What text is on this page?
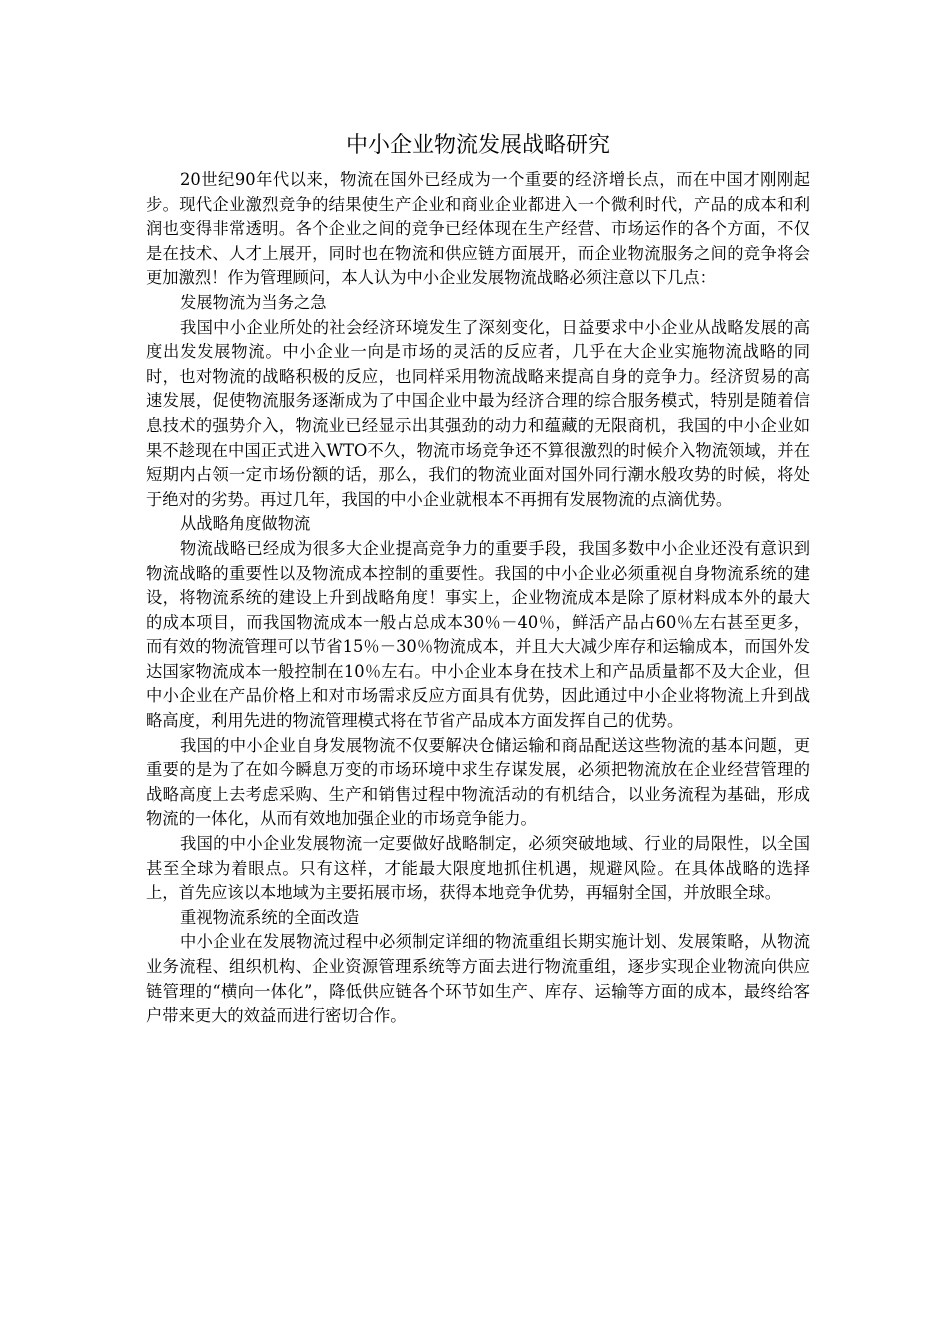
中小企业物流发展战略研究

20世纪90年代以来，物流在国外已经成为一个重要的经济增长点，而在中国才刚刚起步。现代企业激烈竞争的结果使生产企业和商业企业都进入一个微利时代，产品的成本和利润也变得非常透明。各个企业之间的竞争已经体现在生产经营、市场运作的各个方面，不仅是在技术、人才上展开，同时也在物流和供应链方面展开，而企业物流服务之间的竞争将会更加激烈！作为管理顾问，本人认为中小企业发展物流战略必须注意以下几点：

发展物流为当务之急

我国中小企业所处的社会经济环境发生了深刻变化，日益要求中小企业从战略发展的高度出发发展物流。中小企业一向是市场的灵活的反应者，几乎在大企业实施物流战略的同时，也对物流的战略积极的反应，也同样采用物流战略来提高自身的竞争力。经济贸易的高速发展，促使物流服务逐渐成为了中国企业中最为经济合理的综合服务模式，特别是随着信息技术的强势介入，物流业已经显示出其强劲的动力和蕴藏的无限商机，我国的中小企业如果不趁现在中国正式进入WTO不久，物流市场竞争还不算很激烈的时候介入物流领域，并在短期内占领一定市场份额的话，那么，我们的物流业面对国外同行潮水般攻势的时候，将处于绝对的劣势。再过几年，我国的中小企业就根本不再拥有发展物流的点滴优势。

从战略角度做物流

物流战略已经成为很多大企业提高竞争力的重要手段，我国多数中小企业还没有意识到物流战略的重要性以及物流成本控制的重要性。我国的中小企业必须重视自身物流系统的建设，将物流系统的建设上升到战略角度！事实上，企业物流成本是除了原材料成本外的最大的成本项目，而我国物流成本一般占总成本30％－40％，鲜活产品占60％左右甚至更多，而有效的物流管理可以节省15％－30％物流成本，并且大大减少库存和运输成本，而国外发达国家物流成本一般控制在10％左右。中小企业本身在技术上和产品质量都不及大企业，但中小企业在产品价格上和对市场需求反应方面具有优势，因此通过中小企业将物流上升到战略高度，利用先进的物流管理模式将在节省产品成本方面发挥自己的优势。

我国的中小企业自身发展物流不仅要解决仓储运输和商品配送这些物流的基本问题，更重要的是为了在如今瞬息万变的市场环境中求生存谋发展，必须把物流放在企业经营管理的战略高度上去考虑采购、生产和销售过程中物流活动的有机结合，以业务流程为基础，形成物流的一体化，从而有效地加强企业的市场竞争能力。

我国的中小企业发展物流一定要做好战略制定，必须突破地域、行业的局限性，以全国甚至全球为着眼点。只有这样，才能最大限度地抓住机遇，规避风险。在具体战略的选择上，首先应该以本地域为主要拓展市场，获得本地竞争优势，再辐射全国，并放眼全球。

重视物流系统的全面改造

中小企业在发展物流过程中必须制定详细的物流重组长期实施计划、发展策略，从物流业务流程、组织机构、企业资源管理系统等方面去进行物流重组，逐步实现企业物流向供应链管理的“横向一体化”，降低供应链各个环节如生产、库存、运输等方面的成本，最终给客户带来更大的效益而进行密切合作。
